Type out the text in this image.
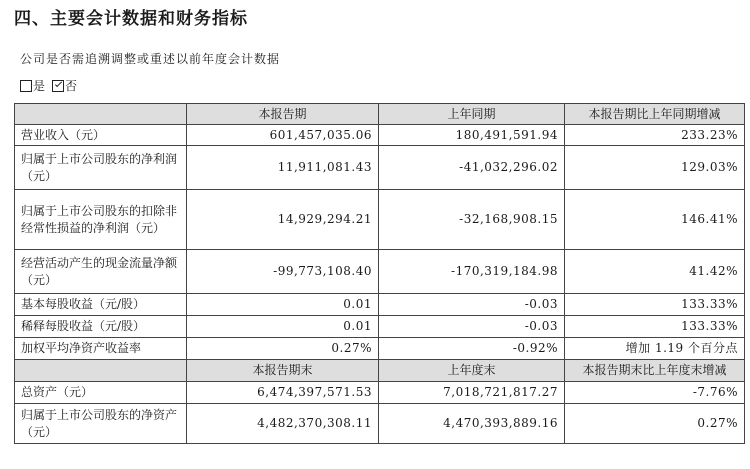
四、主要会计数据和财务指标
公司是否需追溯调整或重述以前年度会计数据
是 否
	本报告期	上年同期	本报告期比上年同期增减
营业收入（元）	601,457,035.06	180,491,591.94	233.23%
归属于上市公司股东的净利润（元）	11,911,081.43	-41,032,296.02	129.03%
归属于上市公司股东的扣除非经常性损益的净利润（元）	14,929,294.21	-32,168,908.15	146.41%
经营活动产生的现金流量净额（元）	-99,773,108.40	-170,319,184.98	41.42%
基本每股收益（元/股）	0.01	-0.03	133.33%
稀释每股收益（元/股）	0.01	-0.03	133.33%
加权平均净资产收益率	0.27%	-0.92%	增加 1.19 个百分点
	本报告期末	上年度末	本报告期末比上年度末增减
总资产（元）	6,474,397,571.53	7,018,721,817.27	-7.76%
归属于上市公司股东的净资产（元）	4,482,370,308.11	4,470,393,889.16	0.27%
